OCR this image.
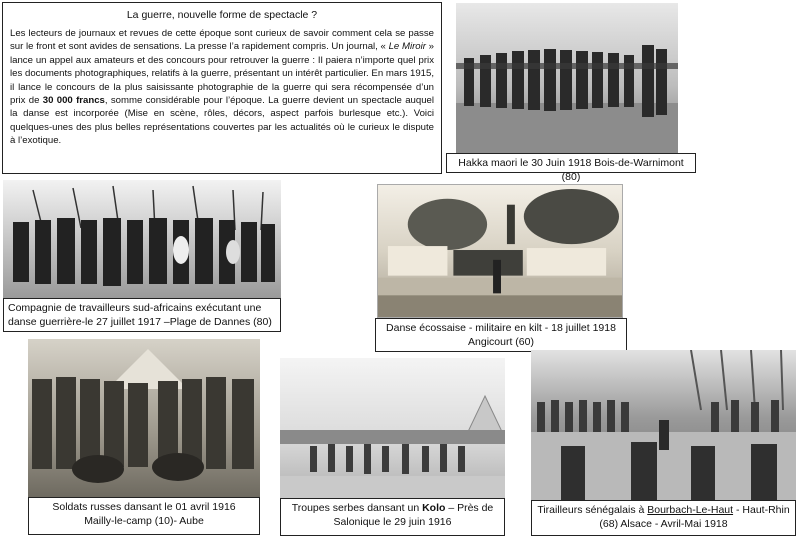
La guerre, nouvelle forme de spectacle ?

Les lecteurs de journaux et revues de cette époque sont curieux de savoir comment cela se passe sur le front et sont avides de sensations. La presse l’a rapidement compris. Un journal, « Le Miroir » lance un appel aux amateurs et des concours pour retrouver la guerre : Il paiera n’importe quel prix les documents photographiques, relatifs à la guerre, présentant un intérêt particulier. En mars 1915, il lance le concours de la plus saisissante photographie de la guerre qui sera récompensée d’un prix de 30 000 francs, somme considérable pour l’époque. La guerre devient un spectacle auquel la danse est incorporée (Mise en scène, rôles, décors, aspect parfois burlesque etc.). Voici quelques-unes des plus belles représentations couvertes par les actualités où le curieux le dispute à l’exotique.

Hakka maori le 30 Juin 1918 Bois-de-Warnimont (80)
Compagnie de travailleurs sud-africains exécutant une
danse guerrière-le 27 juillet 1917 –Plage de Dannes (80)	Danse écossaise - militaire en kilt - 18 juillet 1918
Angicourt (60)
Soldats russes dansant le 01 avril 1916
Mailly-le-camp (10)- Aube
Troupes serbes dansant un Kolo – Près de
Salonique le 29 juin 1916
Tirailleurs sénégalais à Bourbach-Le-Haut - Haut-Rhin
(68) Alsace - Avril-Mai 1918
